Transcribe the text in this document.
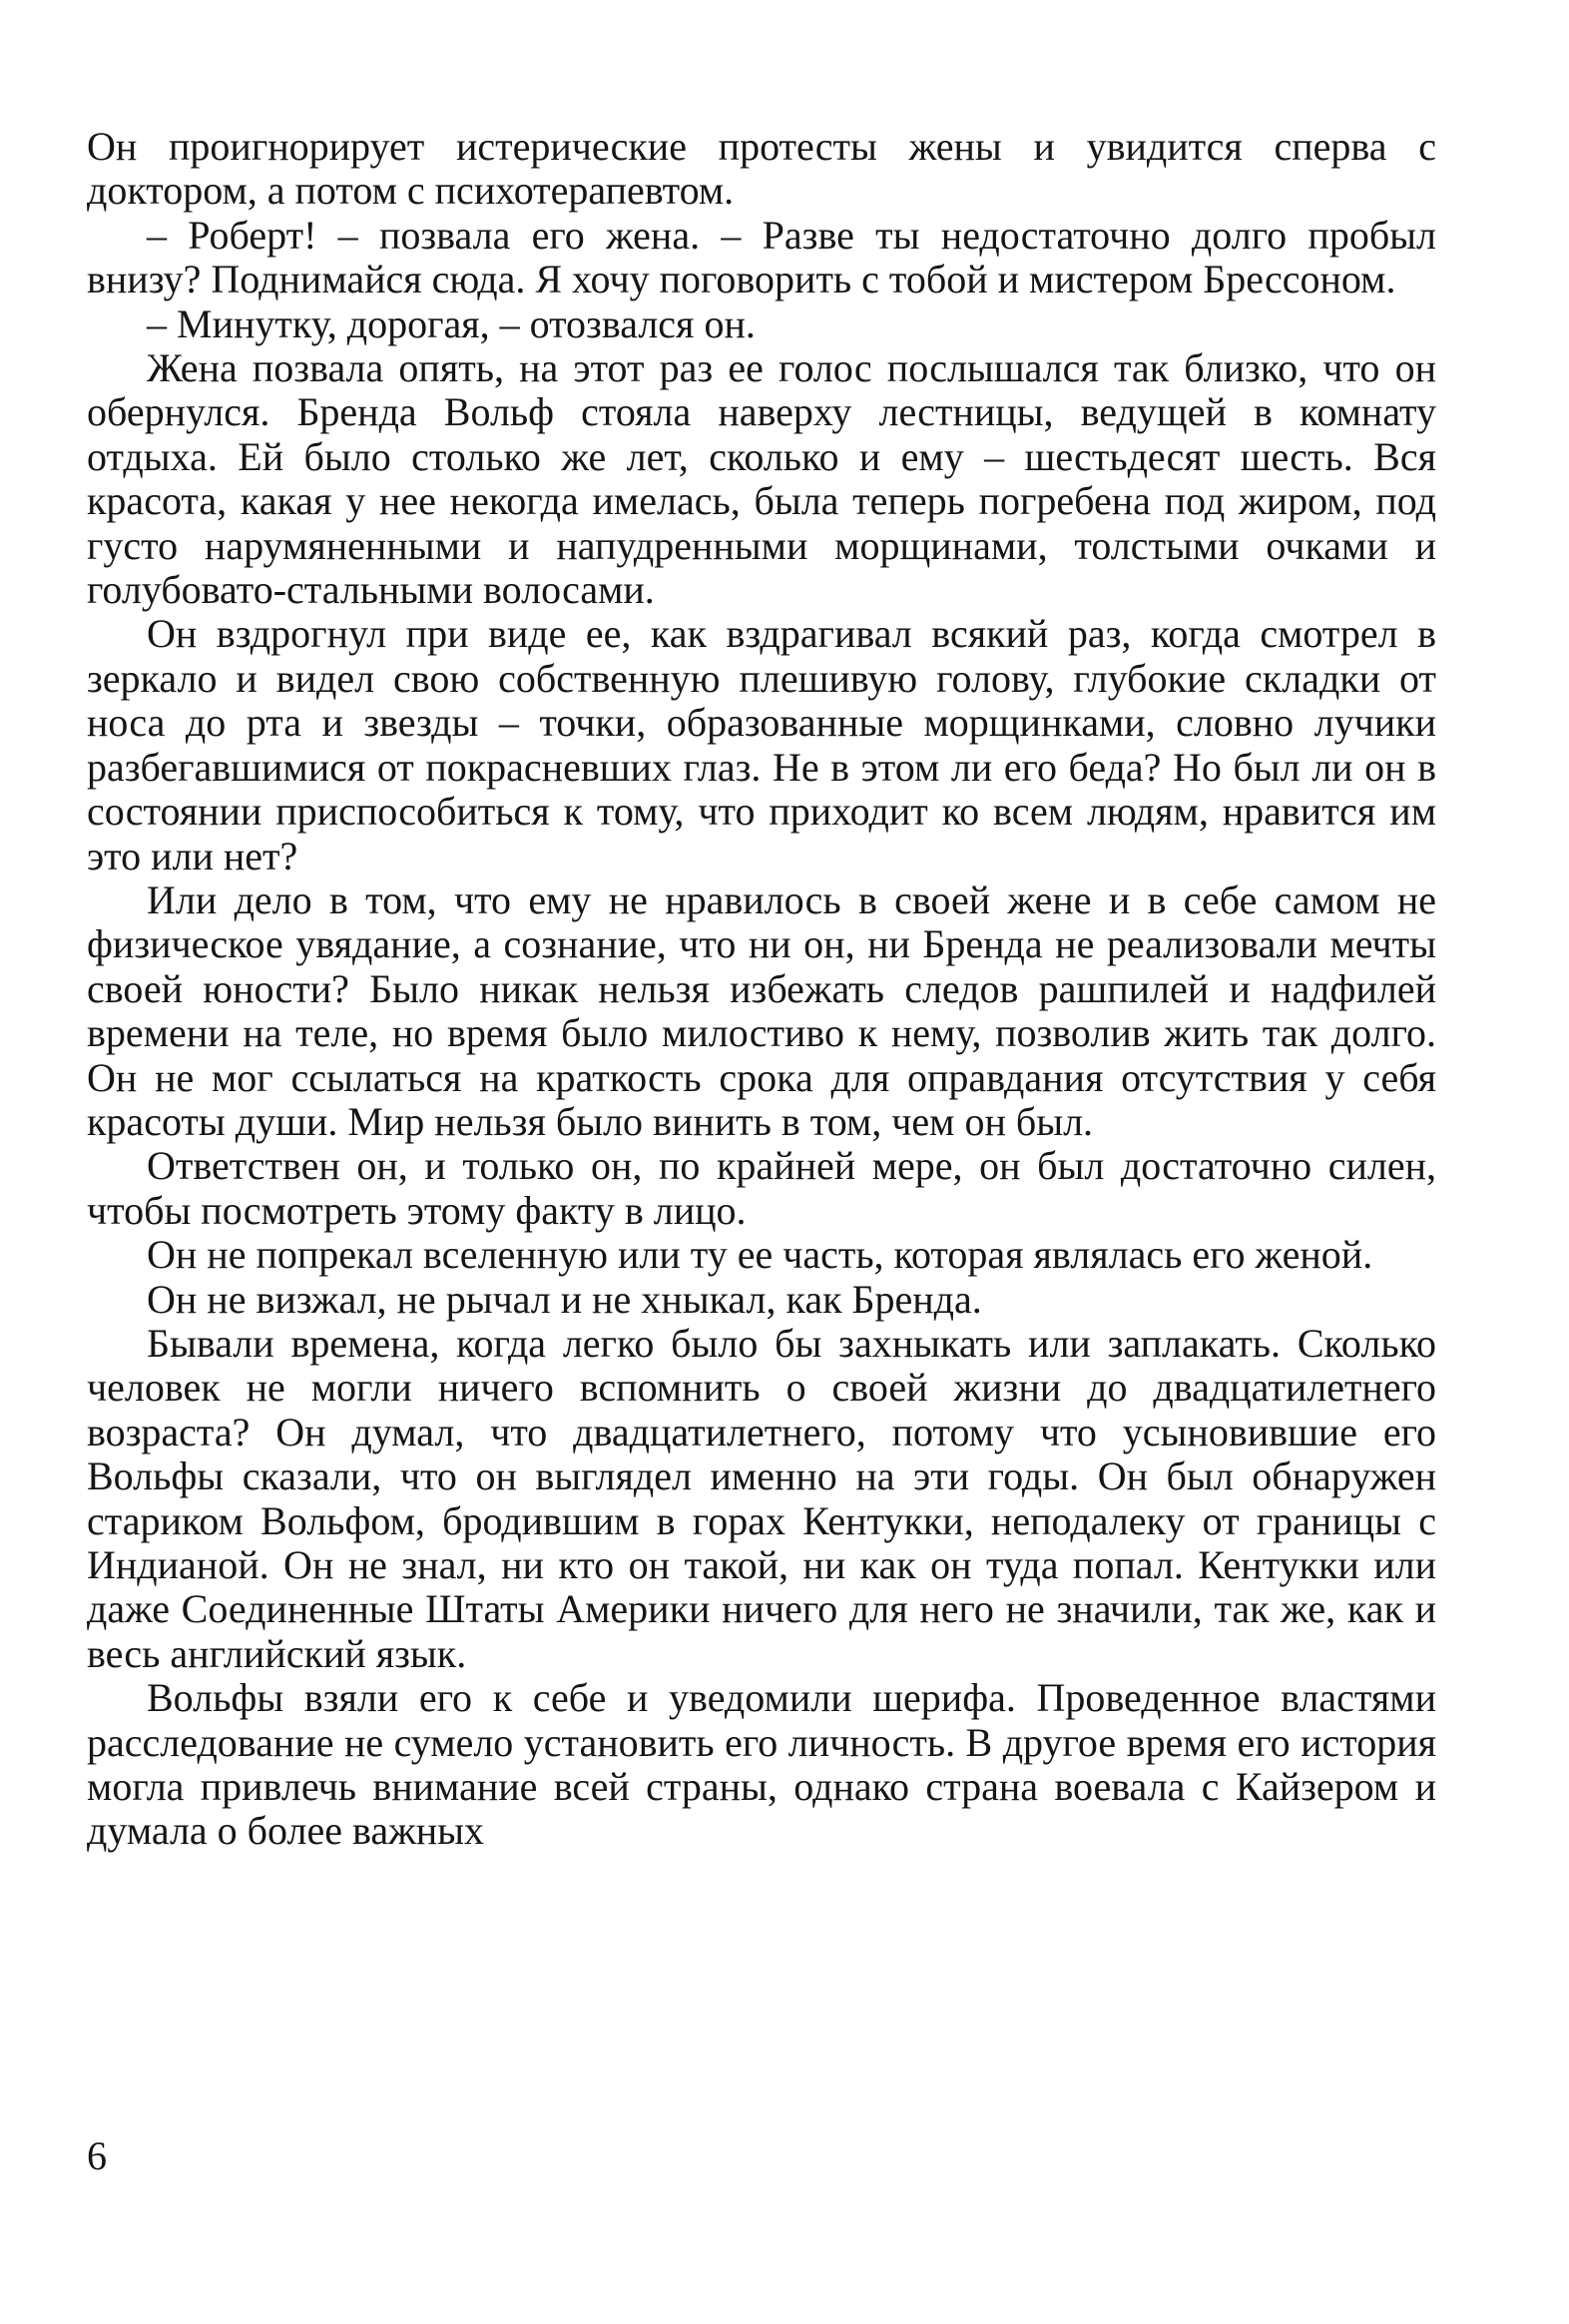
Он проигнорирует истерические протесты жены и увидится сперва с доктором, а потом с психотерапевтом.

– Роберт! – позвала его жена. – Разве ты недостаточно долго пробыл внизу? Поднимайся сюда. Я хочу поговорить с тобой и мистером Брессоном.

– Минутку, дорогая, – отозвался он.

Жена позвала опять, на этот раз ее голос послышался так близко, что он обернулся. Бренда Вольф стояла наверху лестницы, ведущей в комнату отдыха. Ей было столько же лет, сколько и ему – шестьдесят шесть. Вся красота, какая у нее некогда имелась, была теперь погребена под жиром, под густо нарумяненными и напудренными морщинами, толстыми очками и голубовато-стальными волосами.

Он вздрогнул при виде ее, как вздрагивал всякий раз, когда смотрел в зеркало и видел свою собственную плешивую голову, глубокие складки от носа до рта и звезды – точки, образованные морщинками, словно лучики разбегавшимися от покрасневших глаз. Не в этом ли его беда? Но был ли он в состоянии приспособиться к тому, что приходит ко всем людям, нравится им это или нет?

Или дело в том, что ему не нравилось в своей жене и в себе самом не физическое увядание, а сознание, что ни он, ни Бренда не реализовали мечты своей юности? Было никак нельзя избежать следов рашпилей и надфилей времени на теле, но время было милостиво к нему, позволив жить так долго. Он не мог ссылаться на краткость срока для оправдания отсутствия у себя красоты души. Мир нельзя было винить в том, чем он был.

Ответствен он, и только он, по крайней мере, он был достаточно силен, чтобы посмотреть этому факту в лицо.

Он не попрекал вселенную или ту ее часть, которая являлась его женой.

Он не визжал, не рычал и не хныкал, как Бренда.

Бывали времена, когда легко было бы захныкать или заплакать. Сколько человек не могли ничего вспомнить о своей жизни до двадцатилетнего возраста? Он думал, что двадцатилетнего, потому что усыновившие его Вольфы сказали, что он выглядел именно на эти годы. Он был обнаружен стариком Вольфом, бродившим в горах Кентукки, неподалеку от границы с Индианой. Он не знал, ни кто он такой, ни как он туда попал. Кентукки или даже Соединенные Штаты Америки ничего для него не значили, так же, как и весь английский язык.

Вольфы взяли его к себе и уведомили шерифа. Проведенное властями расследование не сумело установить его личность. В другое время его история могла привлечь внимание всей страны, однако страна воевала с Кайзером и думала о более важных

6
